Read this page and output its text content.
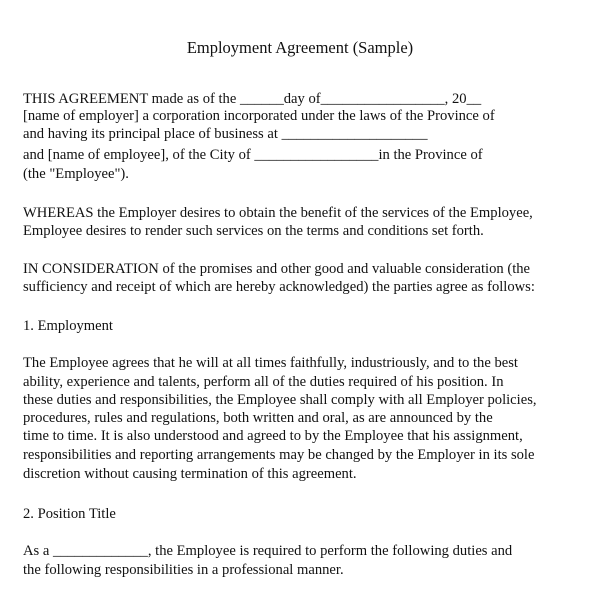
Employment Agreement (Sample)
THIS AGREEMENT made as of the ______day of_________________, 20__
[name of employer] a corporation incorporated under the laws of the Province of
and having its principal place of business at ____________________
and [name of employee], of the City of _________________in the Province of
(the "Employee").
WHEREAS the Employer desires to obtain the benefit of the services of the Employee,
Employee desires to render such services on the terms and conditions set forth.
IN CONSIDERATION of the promises and other good and valuable consideration (the
sufficiency and receipt of which are hereby acknowledged) the parties agree as follows:
1. Employment
The Employee agrees that he will at all times faithfully, industriously, and to the best
ability, experience and talents, perform all of the duties required of his position. In
these duties and responsibilities, the Employee shall comply with all Employer policies,
procedures, rules and regulations, both written and oral, as are announced by the
time to time. It is also understood and agreed to by the Employee that his assignment,
responsibilities and reporting arrangements may be changed by the Employer in its sole
discretion without causing termination of this agreement.
2. Position Title
As a _____________, the Employee is required to perform the following duties and
the following responsibilities in a professional manner.
